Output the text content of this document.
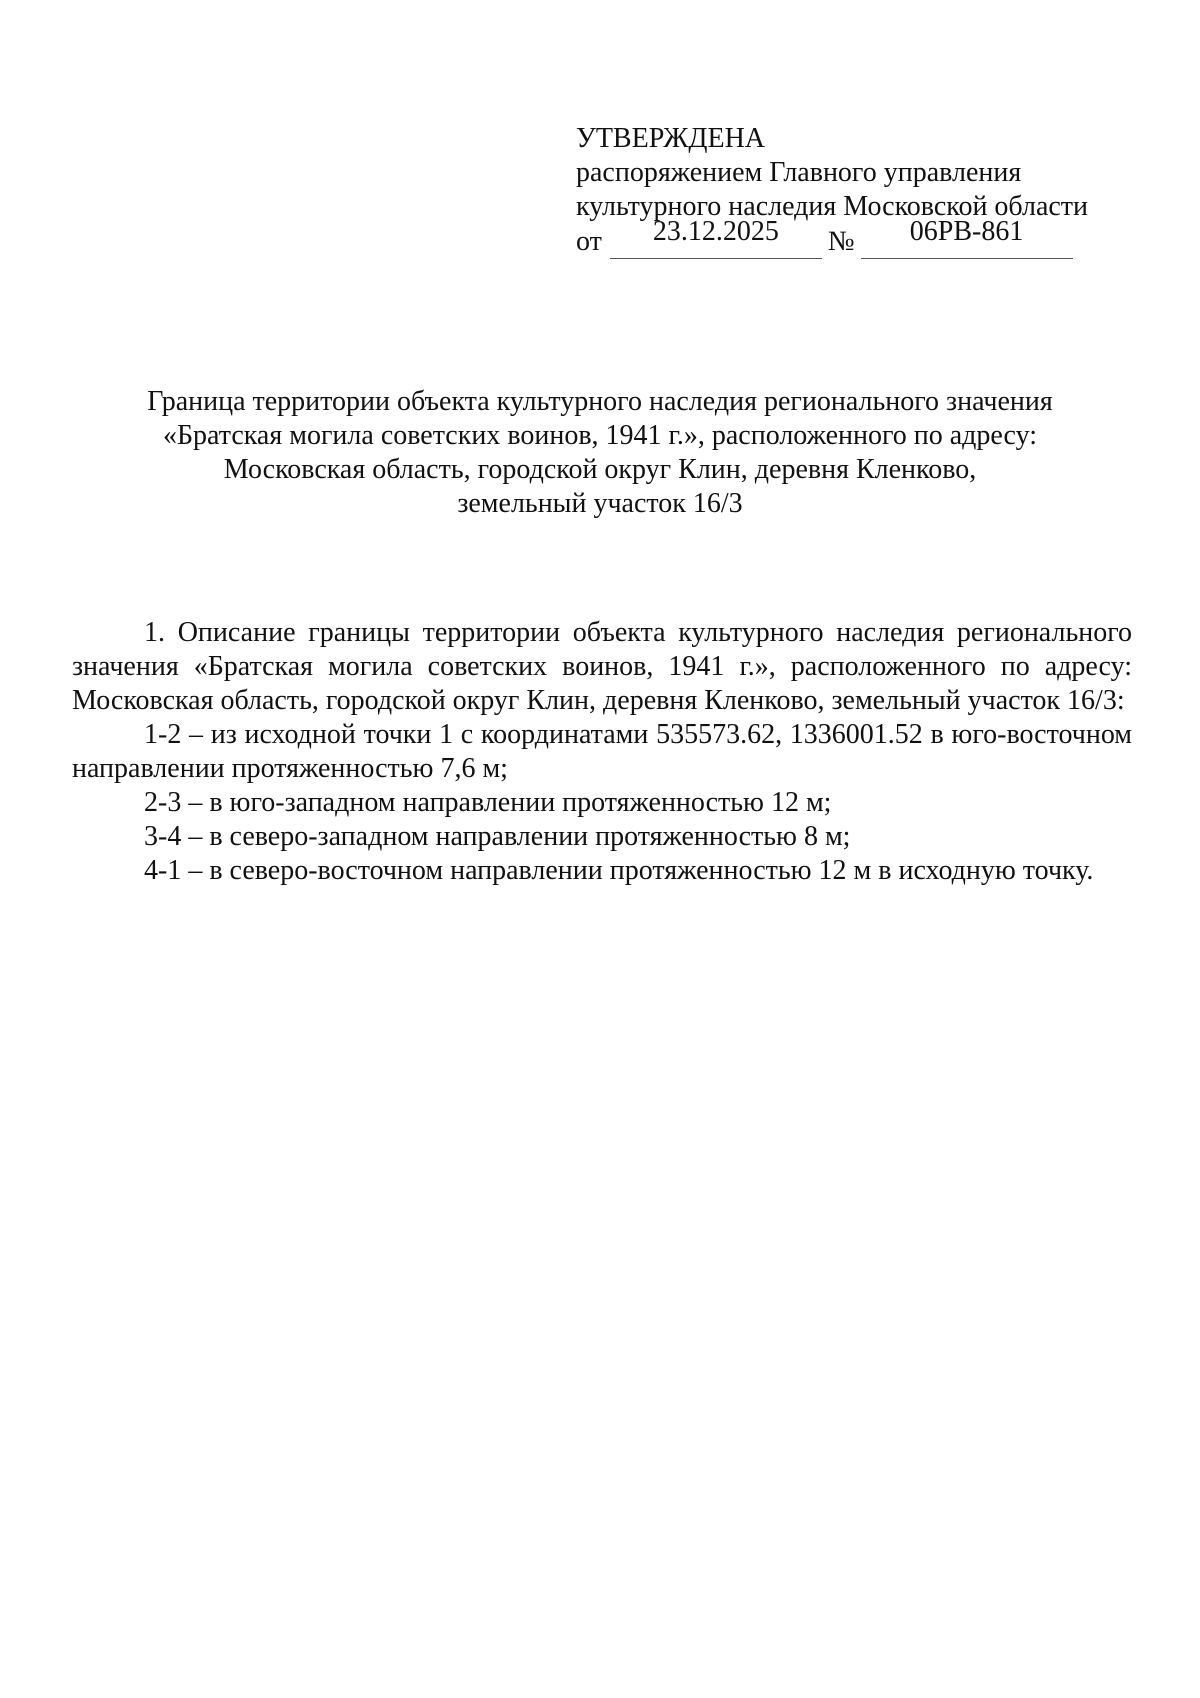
УТВЕРЖДЕНА
распоряжением Главного управления
культурного наследия Московской области
от	23.12.2025	№	06РВ-861
Граница территории объекта культурного наследия регионального значения
«Братская могила советских воинов, 1941 г.», расположенного по адресу:
Московская область, городской округ Клин, деревня Кленково,
земельный участок 16/3

1. Описание границы территории объекта культурного наследия регионального значения «Братская могила советских воинов, 1941 г.», расположенного по адресу: Московская область, городской округ Клин, деревня Кленково, земельный участок 16/3:

1-2 – из исходной точки 1 с координатами 535573.62, 1336001.52 в юго-восточном направлении протяженностью 7,6 м;

2-3 – в юго-западном направлении протяженностью 12 м;

3-4 – в северо-западном направлении протяженностью 8 м;

4-1 – в северо-восточном направлении протяженностью 12 м в исходную точку.
